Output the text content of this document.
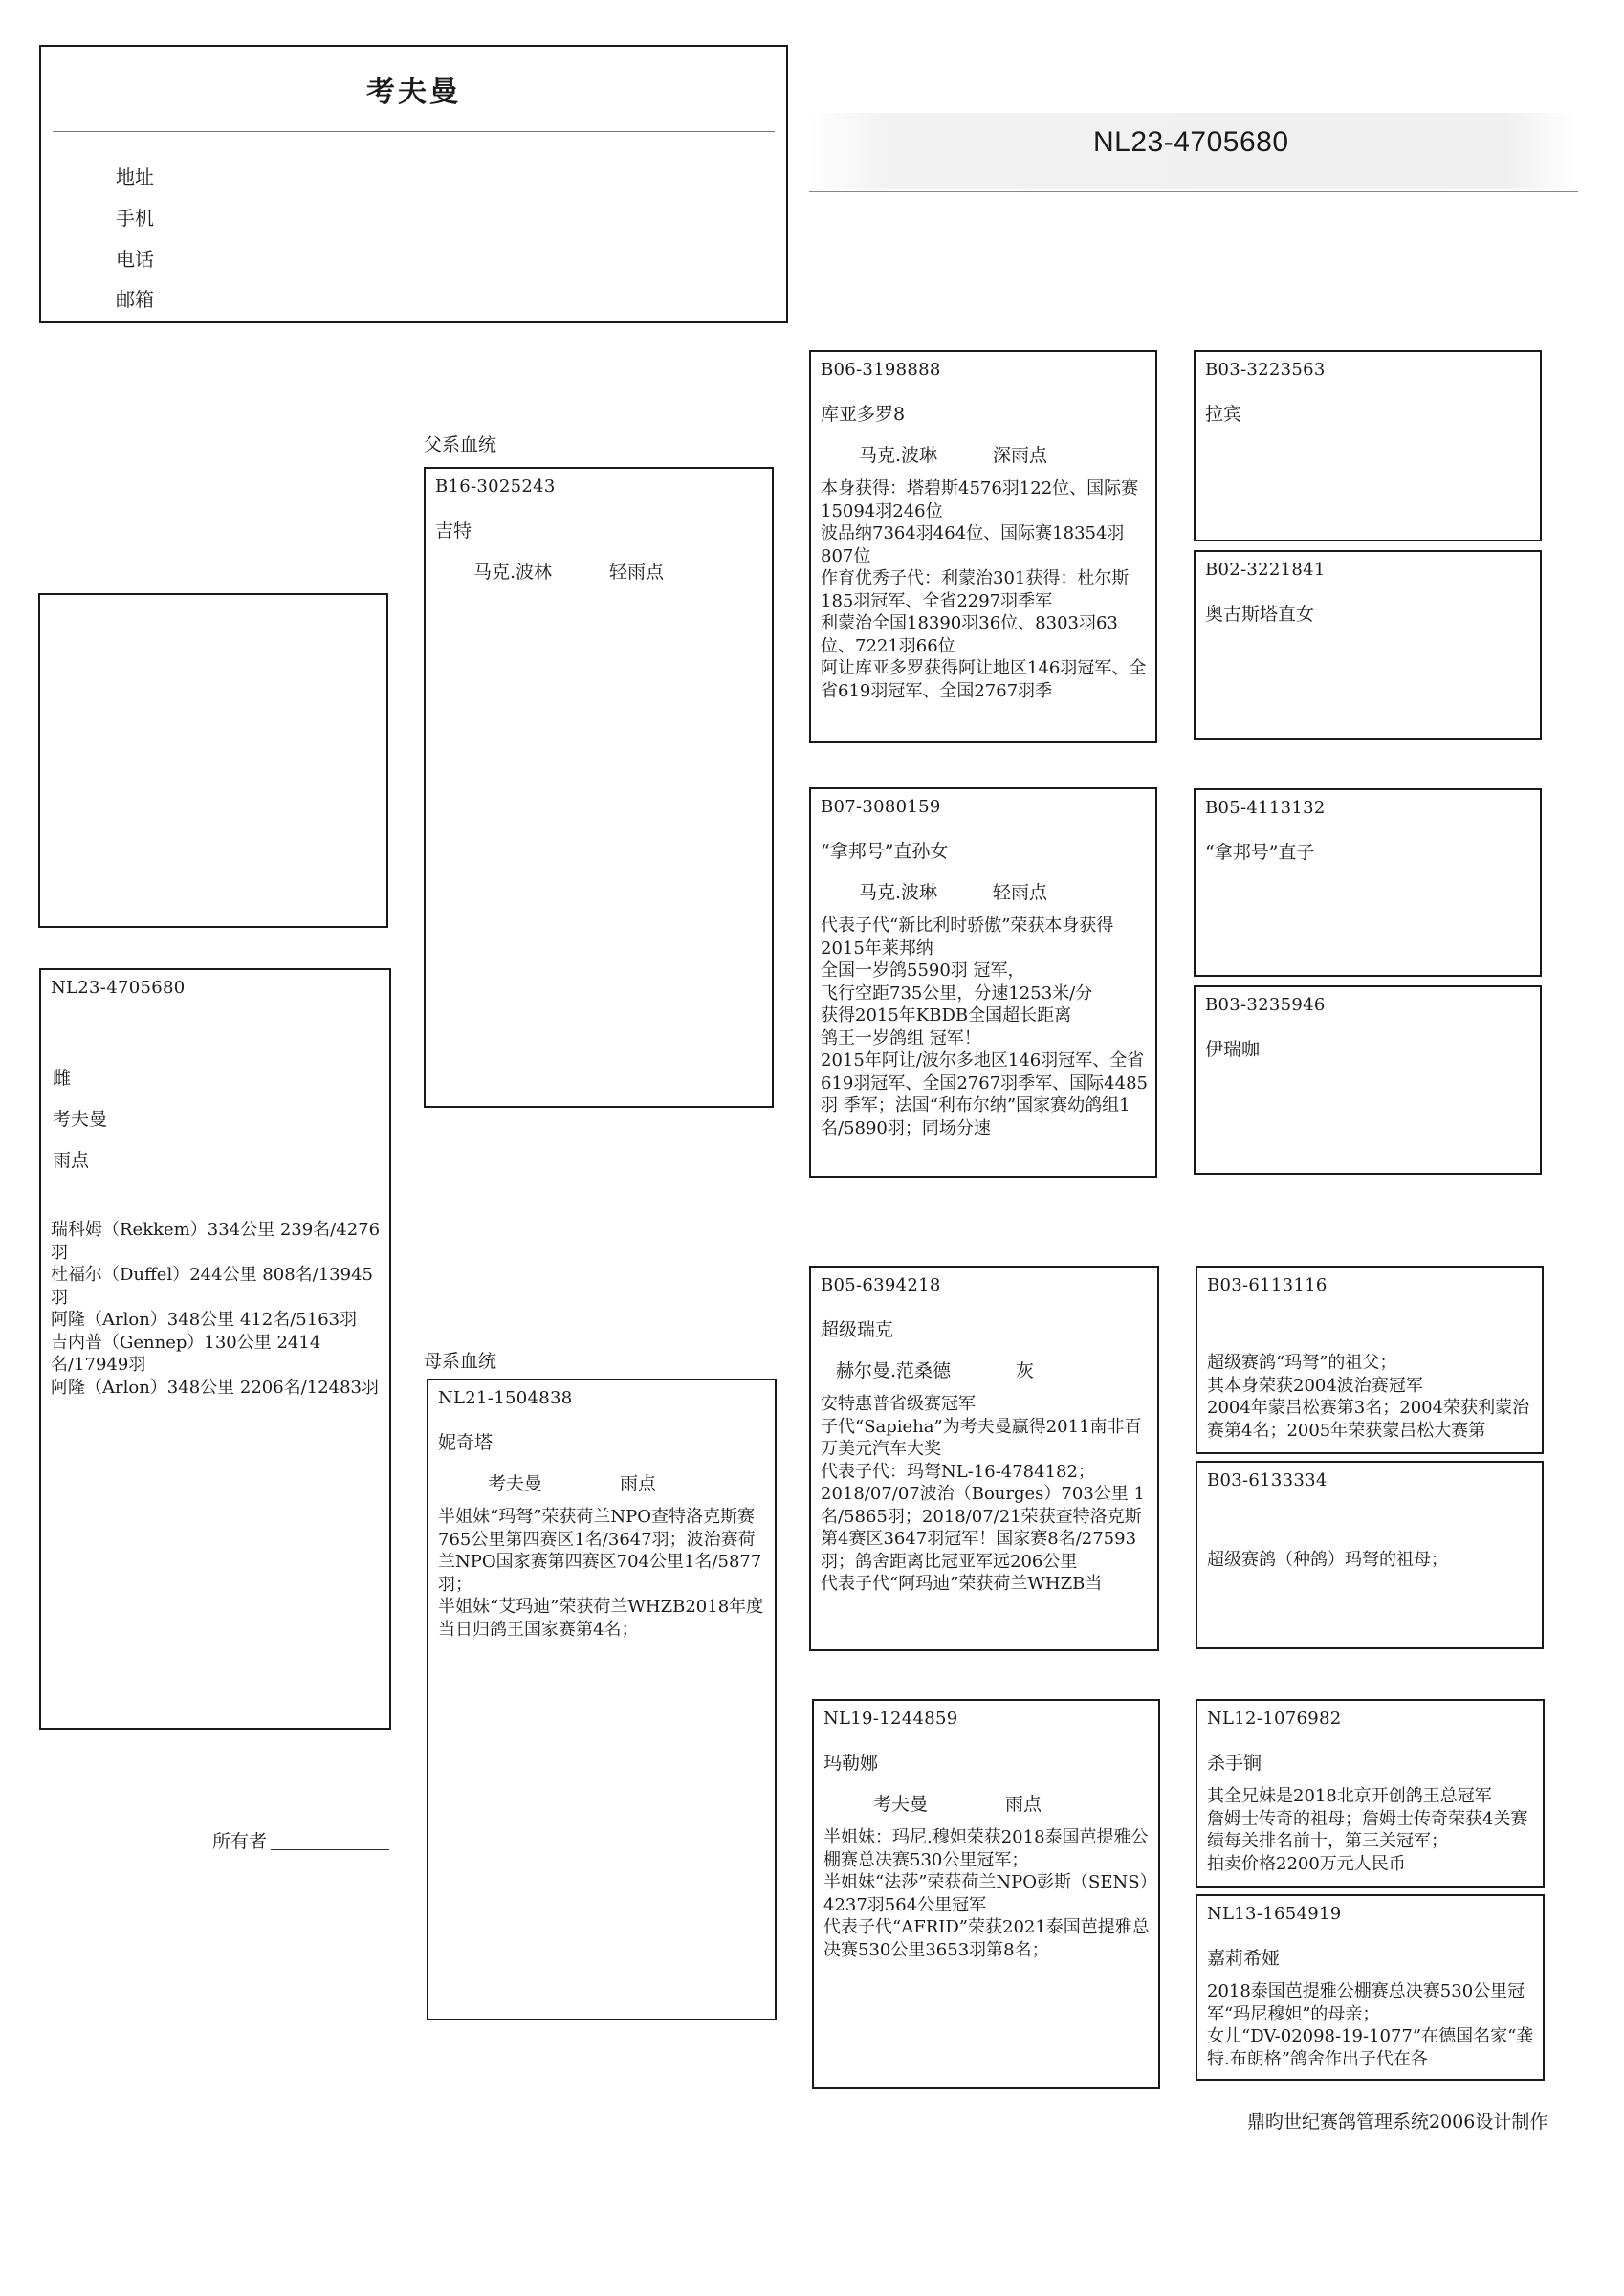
考夫曼
地址
手机
电话
邮箱
NL23-4705680
NL23-4705680
雌
考夫曼
雨点
瑞科姆（Rekkem）334公里 239名/4276羽
杜福尔（Duffel）244公里 808名/13945羽
阿隆（Arlon）348公里 412名/5163羽
吉内普（Gennep）130公里 2414名/17949羽
阿隆（Arlon）348公里 2206名/12483羽
父系血统
母系血统
B16-3025243
吉特
马克.波林	轻雨点
NL21-1504838
妮奇塔
考夫曼	雨点
半姐妹“玛弩”荣获荷兰NPO查特洛克斯赛765公里第四赛区1名/3647羽；波治赛荷兰NPO国家赛第四赛区704公里1名/5877羽；
半姐妹“艾玛迪”荣获荷兰WHZB2018年度当日归鸽王国家赛第4名；
B06-3198888
库亚多罗8
马克.波琳	深雨点
本身获得：塔碧斯4576羽122位、国际赛15094羽246位
波品纳7364羽464位、国际赛18354羽807位
作育优秀子代：利蒙治301获得：杜尔斯185羽冠军、全省2297羽季军
利蒙治全国18390羽36位、8303羽63位、7221羽66位
阿让库亚多罗获得阿让地区146羽冠军、全省619羽冠军、全国2767羽季
B07-3080159
“拿邦号”直孙女
马克.波琳	轻雨点
代表子代“新比利时骄傲”荣获本身获得2015年莱邦纳
全国一岁鸽5590羽 冠军，
飞行空距735公里，分速1253米/分
获得2015年KBDB全国超长距离
鸽王一岁鸽组 冠军！
2015年阿让/波尔多地区146羽冠军、全省619羽冠军、全国2767羽季军、国际4485羽 季军；法国“利布尔纳”国家赛幼鸽组1名/5890羽；同场分速
B05-6394218
超级瑞克
赫尔曼.范桑德	灰
安特惠普省级赛冠军
子代“Sapieha”为考夫曼赢得2011南非百万美元汽车大奖
代表子代：玛弩NL-16-4784182；2018/07/07波治（Bourges）703公里 1名/5865羽；2018/07/21荣获查特洛克斯第4赛区3647羽冠军！国家赛8名/27593羽；鸽舍距离比冠亚军远206公里
代表子代“阿玛迪”荣获荷兰WHZB当
NL19-1244859
玛勒娜
考夫曼	雨点
半姐妹：玛尼.穆妲荣获2018泰国芭提雅公棚赛总决赛530公里冠军；
半姐妹“法莎”荣获荷兰NPO彭斯（SENS）4237羽564公里冠军
代表子代“AFRID”荣获2021泰国芭提雅总决赛530公里3653羽第8名；
B03-3223563
拉宾
B02-3221841
奥古斯塔直女
B05-4113132
“拿邦号”直子
B03-3235946
伊瑞咖
B03-6113116
超级赛鸽“玛弩”的祖父；
其本身荣获2004波治赛冠军
2004年蒙吕松赛第3名；2004荣获利蒙治赛第4名；2005年荣获蒙吕松大赛第
B03-6133334
超级赛鸽（种鸽）玛弩的祖母；
NL12-1076982
杀手锏
其全兄妹是2018北京开创鸽王总冠军
詹姆士传奇的祖母；詹姆士传奇荣获4关赛绩每关排名前十，第三关冠军；
拍卖价格2200万元人民币
NL13-1654919
嘉莉希娅
2018泰国芭提雅公棚赛总决赛530公里冠军“玛尼穆妲”的母亲；
女儿“DV-02098-19-1077”在德国名家“龚特.布朗格”鸽舍作出子代在各
所有者
鼎昀世纪赛鸽管理系统2006设计制作
